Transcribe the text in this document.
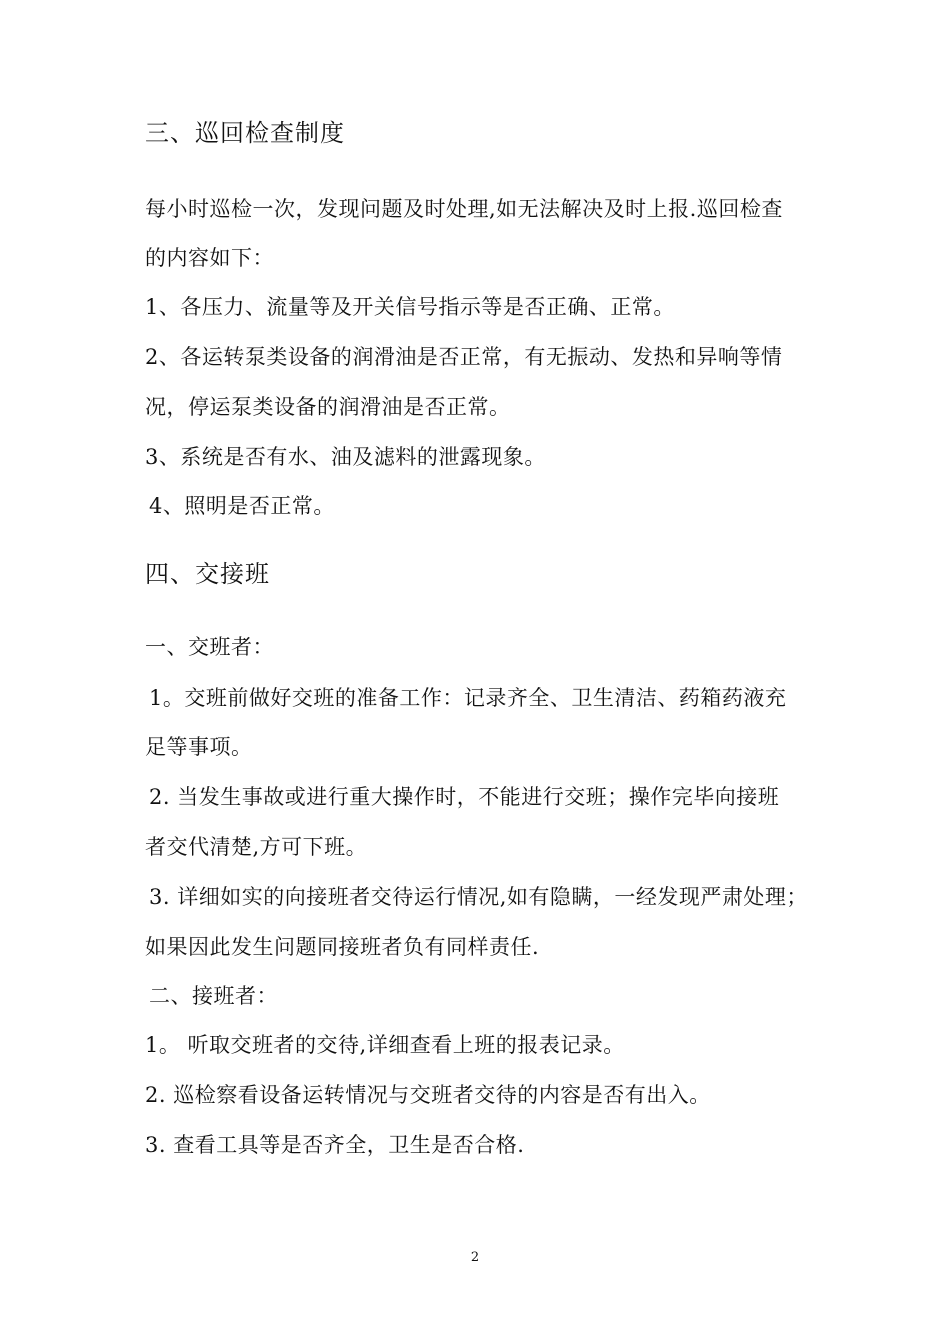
三、巡回检查制度
每小时巡检一次，发现问题及时处理,如无法解决及时上报.巡回检查
的内容如下：
1、各压力、流量等及开关信号指示等是否正确、正常。
2、各运转泵类设备的润滑油是否正常，有无振动、发热和异响等情
况，停运泵类设备的润滑油是否正常。
3、系统是否有水、油及滤料的泄露现象。
4、照明是否正常。
四、交接班
一、交班者：
1。交班前做好交班的准备工作：记录齐全、卫生清洁、药箱药液充
足等事项。
2. 当发生事故或进行重大操作时，不能进行交班；操作完毕向接班
者交代清楚,方可下班。
3. 详细如实的向接班者交待运行情况,如有隐瞒，一经发现严肃处理；
如果因此发生问题同接班者负有同样责任.
二、接班者：
1。 听取交班者的交待,详细查看上班的报表记录。
2. 巡检察看设备运转情况与交班者交待的内容是否有出入。
3. 查看工具等是否齐全，卫生是否合格.
2
